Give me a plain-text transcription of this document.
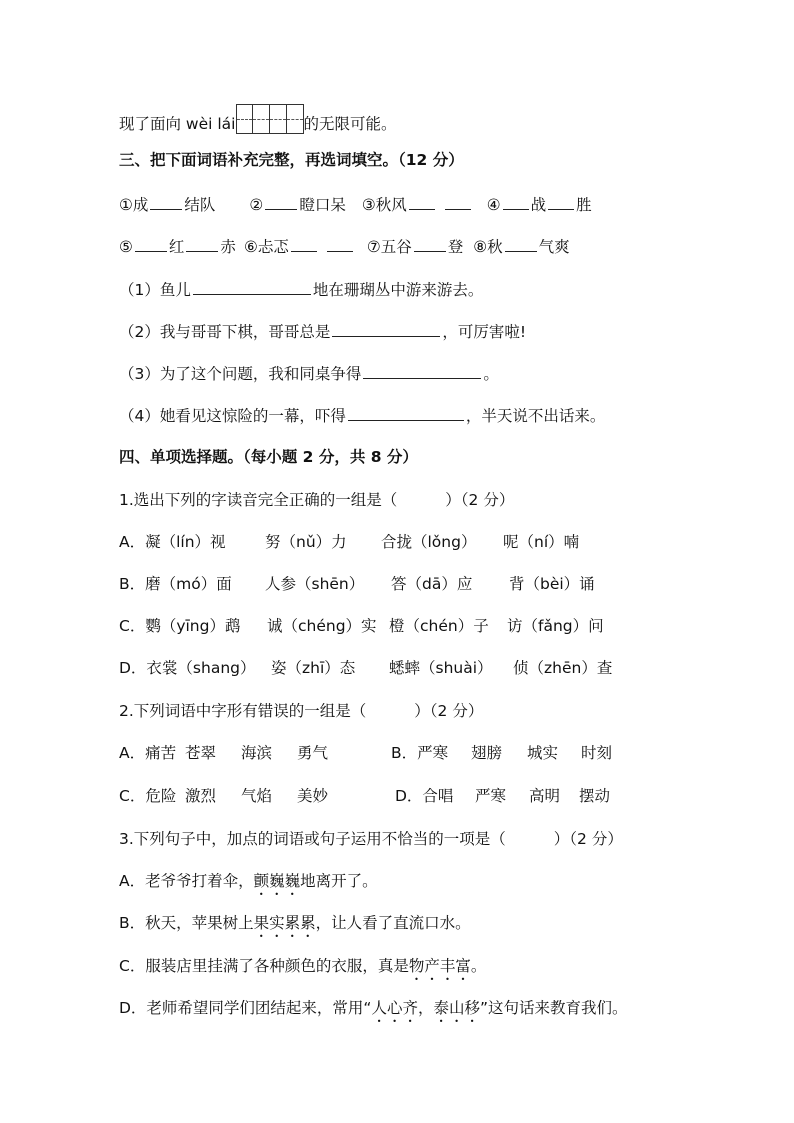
现了面向 wèi lái	的无限可能。
三、把下面词语补充完整，再选词填空。（12 分）
①成 结队 ② 瞪口呆 ③秋风	④ 战 胜
⑤ 红 赤 ⑥忐忑	⑦五谷 登 ⑧秋 气爽
（1）鱼儿	地在珊瑚丛中游来游去。
（2）我与哥哥下棋，哥哥总是	，可厉害啦!
（3）为了这个问题，我和同桌争得	。
（4）她看见这惊险的一幕，吓得	，半天说不出话来。
四、单项选择题。（每小题 2 分，共 8 分）
1.选出下列的字读音完全正确的一组是（	）（2 分）
A．凝（lín）视	努（nǔ）力 合拢（lǒng） 呢（ní）喃
B．磨（mó）面 人参（shēn） 答（dā）应 背（bèi）诵
C．鹦（yīng）鹉 诚（chéng）实 橙（chén）子 访（fǎng）问
D．衣裳（shang） 姿（zhī）态 蟋蟀（shuài） 侦（zhēn）查
2.下列词语中字形有错误的一组是（	）（2 分）
A．痛苦 苍翠 海滨 勇气	B．严寒 翅膀 城实 时刻
C．危险 激烈 气焰 美妙	D．合唱 严寒 高明 摆动
3.下列句子中，加点的词语或句子运用不恰当的一项是（	）（2 分）
A．老爷爷打着伞，颤巍巍地离开了。
B．秋天，苹果树上果实累累，让人看了直流口水。
C．服装店里挂满了各种颜色的衣服，真是物产丰富。
D．老师希望同学们团结起来，常用“人心齐，泰山移”这句话来教育我们。
